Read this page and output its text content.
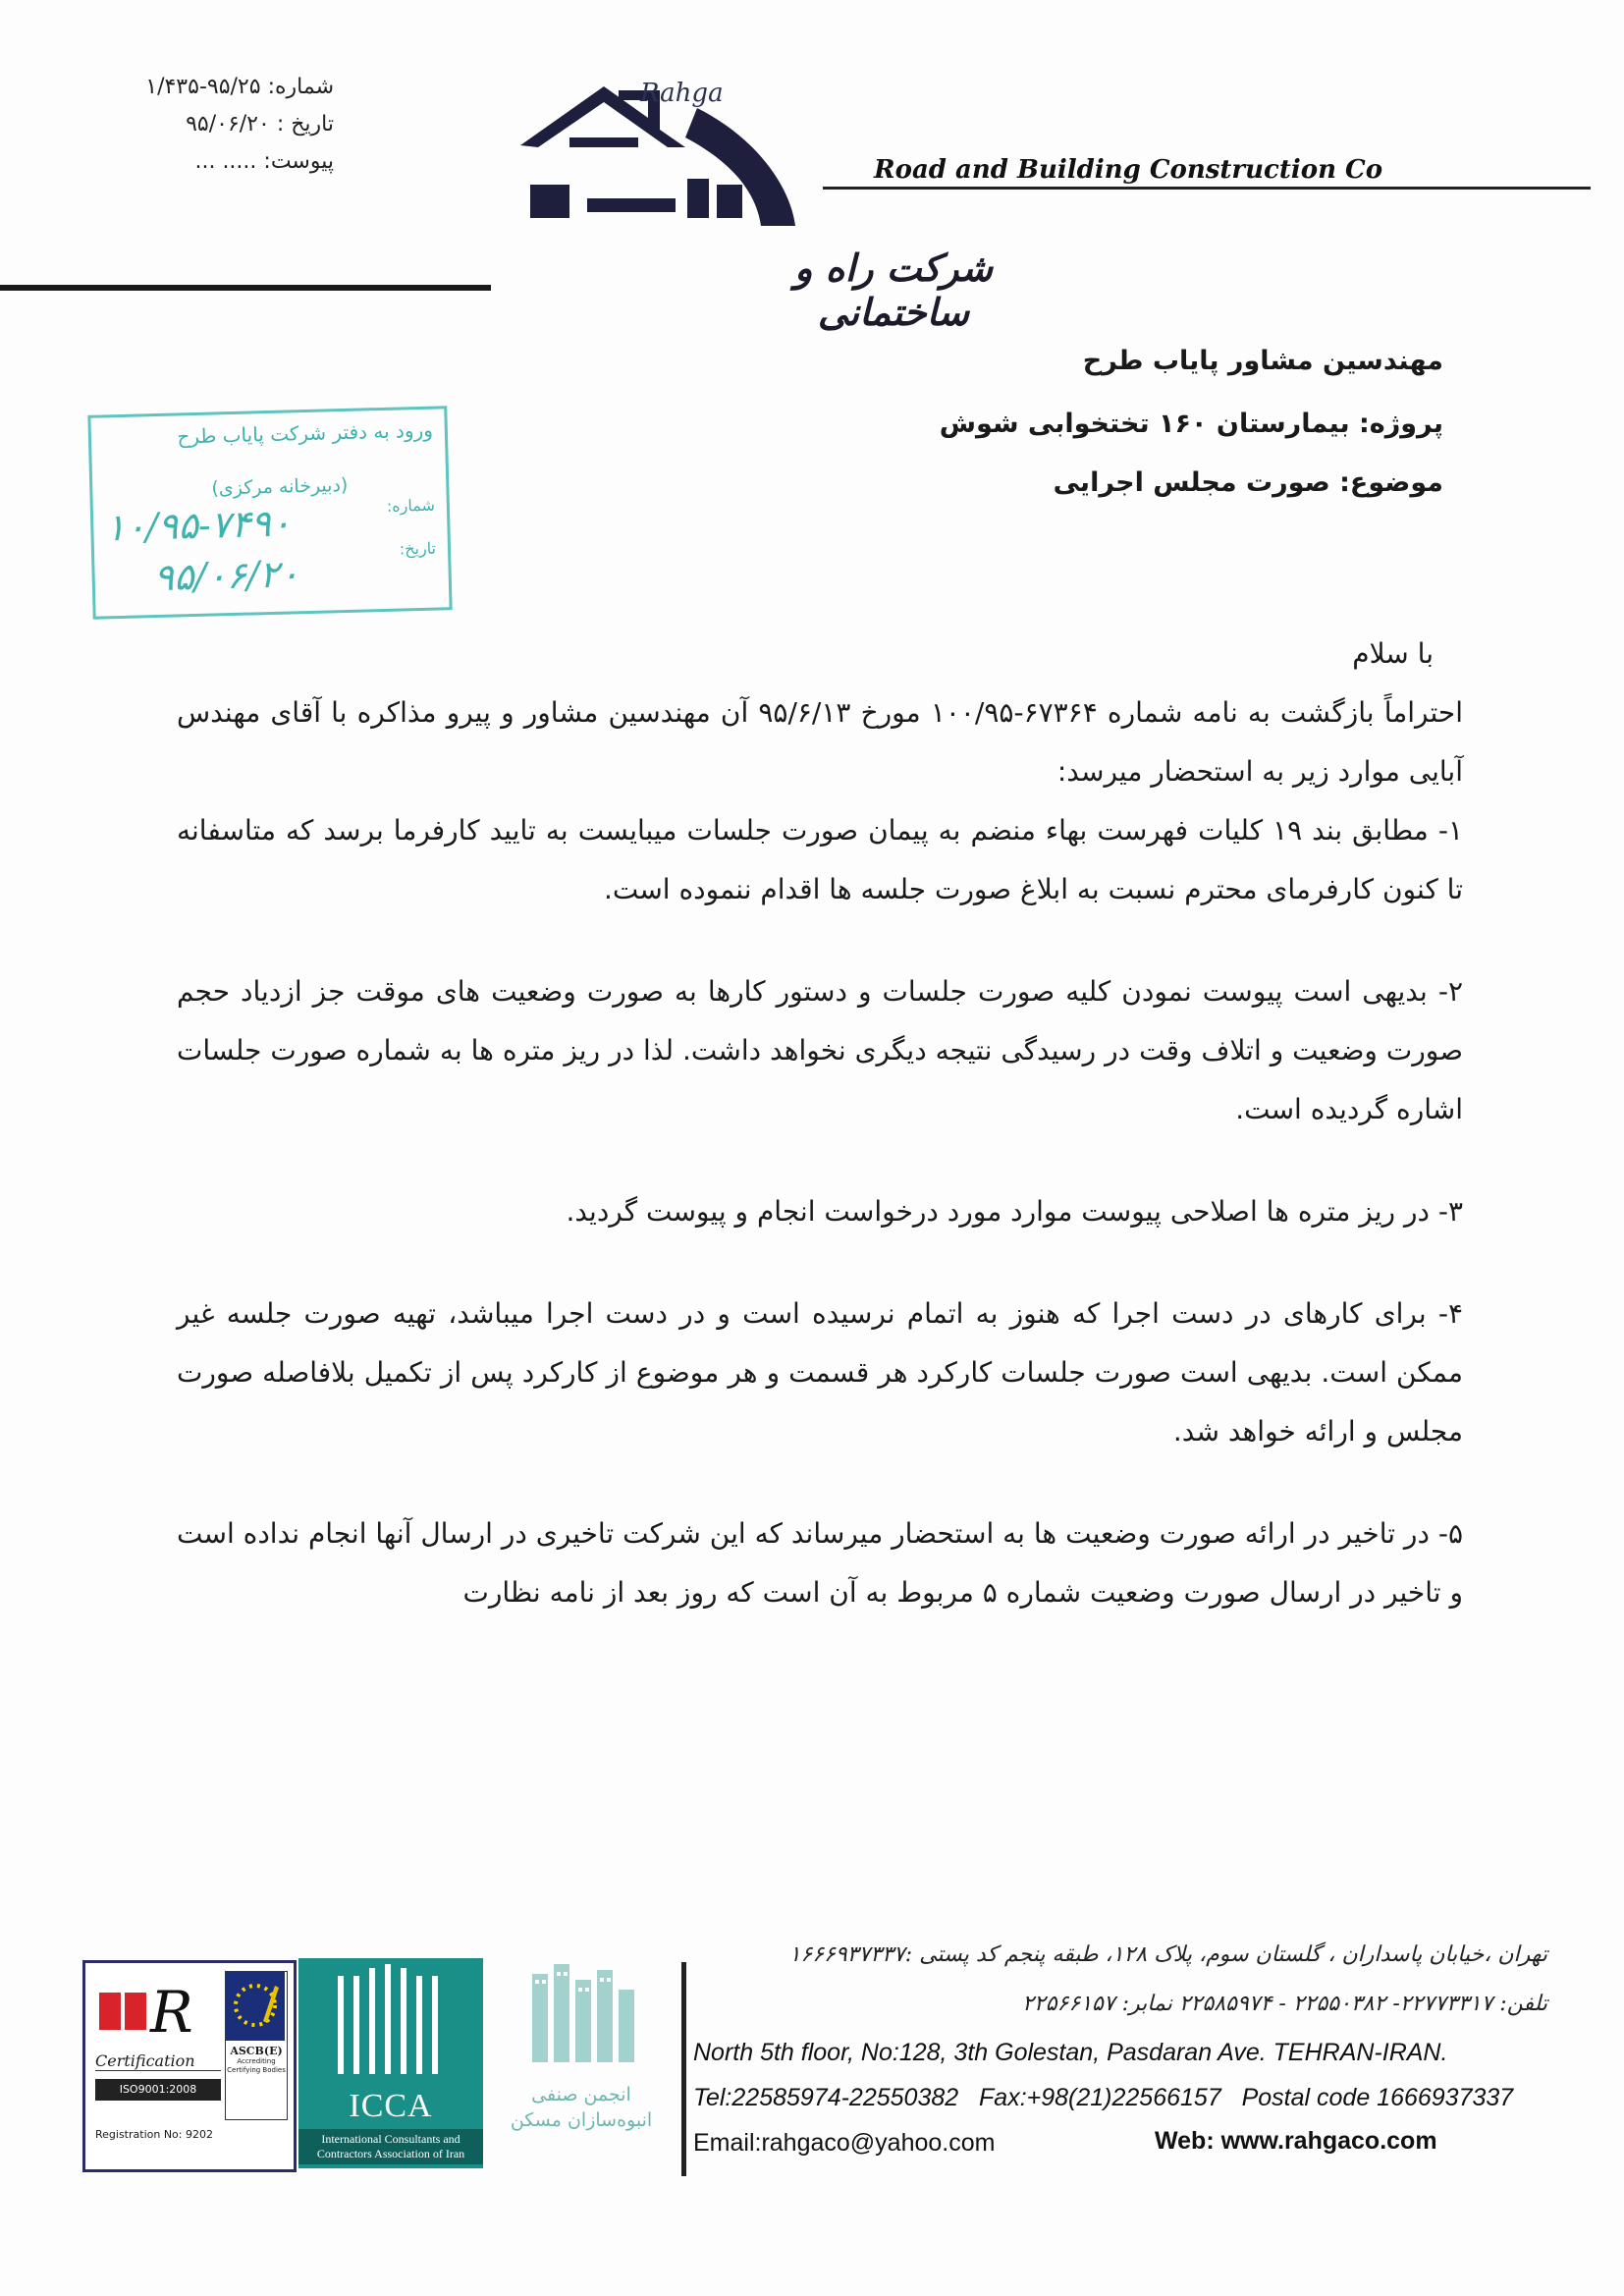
شماره: ۹۵/۲۵-۱/۴۳۵
تاریخ : ۹۵/۰۶/۲۰
پیوست: ..... ...
Rahga
Road and Building Construction Co
شرکت راه و ساختمانی
ورود به دفتر شرکت پایاب طرح
(دبیرخانه مرکزی)
شماره:
۱۰/۹۵-۷۴۹۰	تاریخ:
۹۵/۰۶/۲۰
مهندسین مشاور پایاب طرح
پروژه: بیمارستان ۱۶۰ تختخوابی شوش
موضوع: صورت مجلس اجرایی

با سلام

احتراماً بازگشت به نامه شماره ۶۷۳۶۴-۱۰۰/۹۵ مورخ ۹۵/۶/۱۳ آن مهندسین مشاور و پیرو مذاکره با آقای مهندس آبایی موارد زیر به استحضار میرسد:

۱- مطابق بند ۱۹ کلیات فهرست بهاء منضم به پیمان صورت جلسات میبایست به تایید کارفرما برسد که متاسفانه تا کنون کارفرمای محترم نسبت به ابلاغ صورت جلسه ها اقدام ننموده است.

۲- بدیهی است پیوست نمودن کلیه صورت جلسات و دستور کارها به صورت وضعیت های موقت جز ازدیاد حجم صورت وضعیت و اتلاف وقت در رسیدگی نتیجه دیگری نخواهد داشت. لذا در ریز متره ها به شماره صورت جلسات اشاره گردیده است.

۳- در ریز متره ها اصلاحی پیوست موارد مورد درخواست انجام و پیوست گردید.

۴- برای کارهای در دست اجرا که هنوز به اتمام نرسیده است و در دست اجرا میباشد، تهیه صورت جلسه غیر ممکن است. بدیهی است صورت جلسات کارکرد هر قسمت و هر موضوع از کارکرد پس از تکمیل بلافاصله صورت مجلس و ارائه خواهد شد.

۵- در تاخیر در ارائه صورت وضعیت ها به استحضار میرساند که این شرکت تاخیری در ارسال آنها انجام نداده است و تاخیر در ارسال صورت وضعیت شماره ۵ مربوط به آن است که روز بعد از نامه نظارت

R
ASCB(E)
Accrediting Certifying Bodies
Certification
ISO9001:2008
Registration No: 9202
ICCA
International Consultants and Contractors Association of Iran
انجمن صنفی
انبوه‌سازان مسکن
تهران ،خیابان پاسداران ، گلستان سوم، پلاک ۱۲۸، طبقه پنجم کد پستی :۱۶۶۶۹۳۷۳۳۷
تلفن: ۲۲۷۷۳۳۱۷- ۲۲۵۵۰۳۸۲ - ۲۲۵۸۵۹۷۴ نمابر: ۲۲۵۶۶۱۵۷
North 5th floor, No:128, 3th Golestan, Pasdaran Ave. TEHRAN-IRAN.
Tel:22585974-22550382 Fax:+98(21)22566157 Postal code 1666937337
Email:rahgaco@yahoo.com	Web: www.rahgaco.com
